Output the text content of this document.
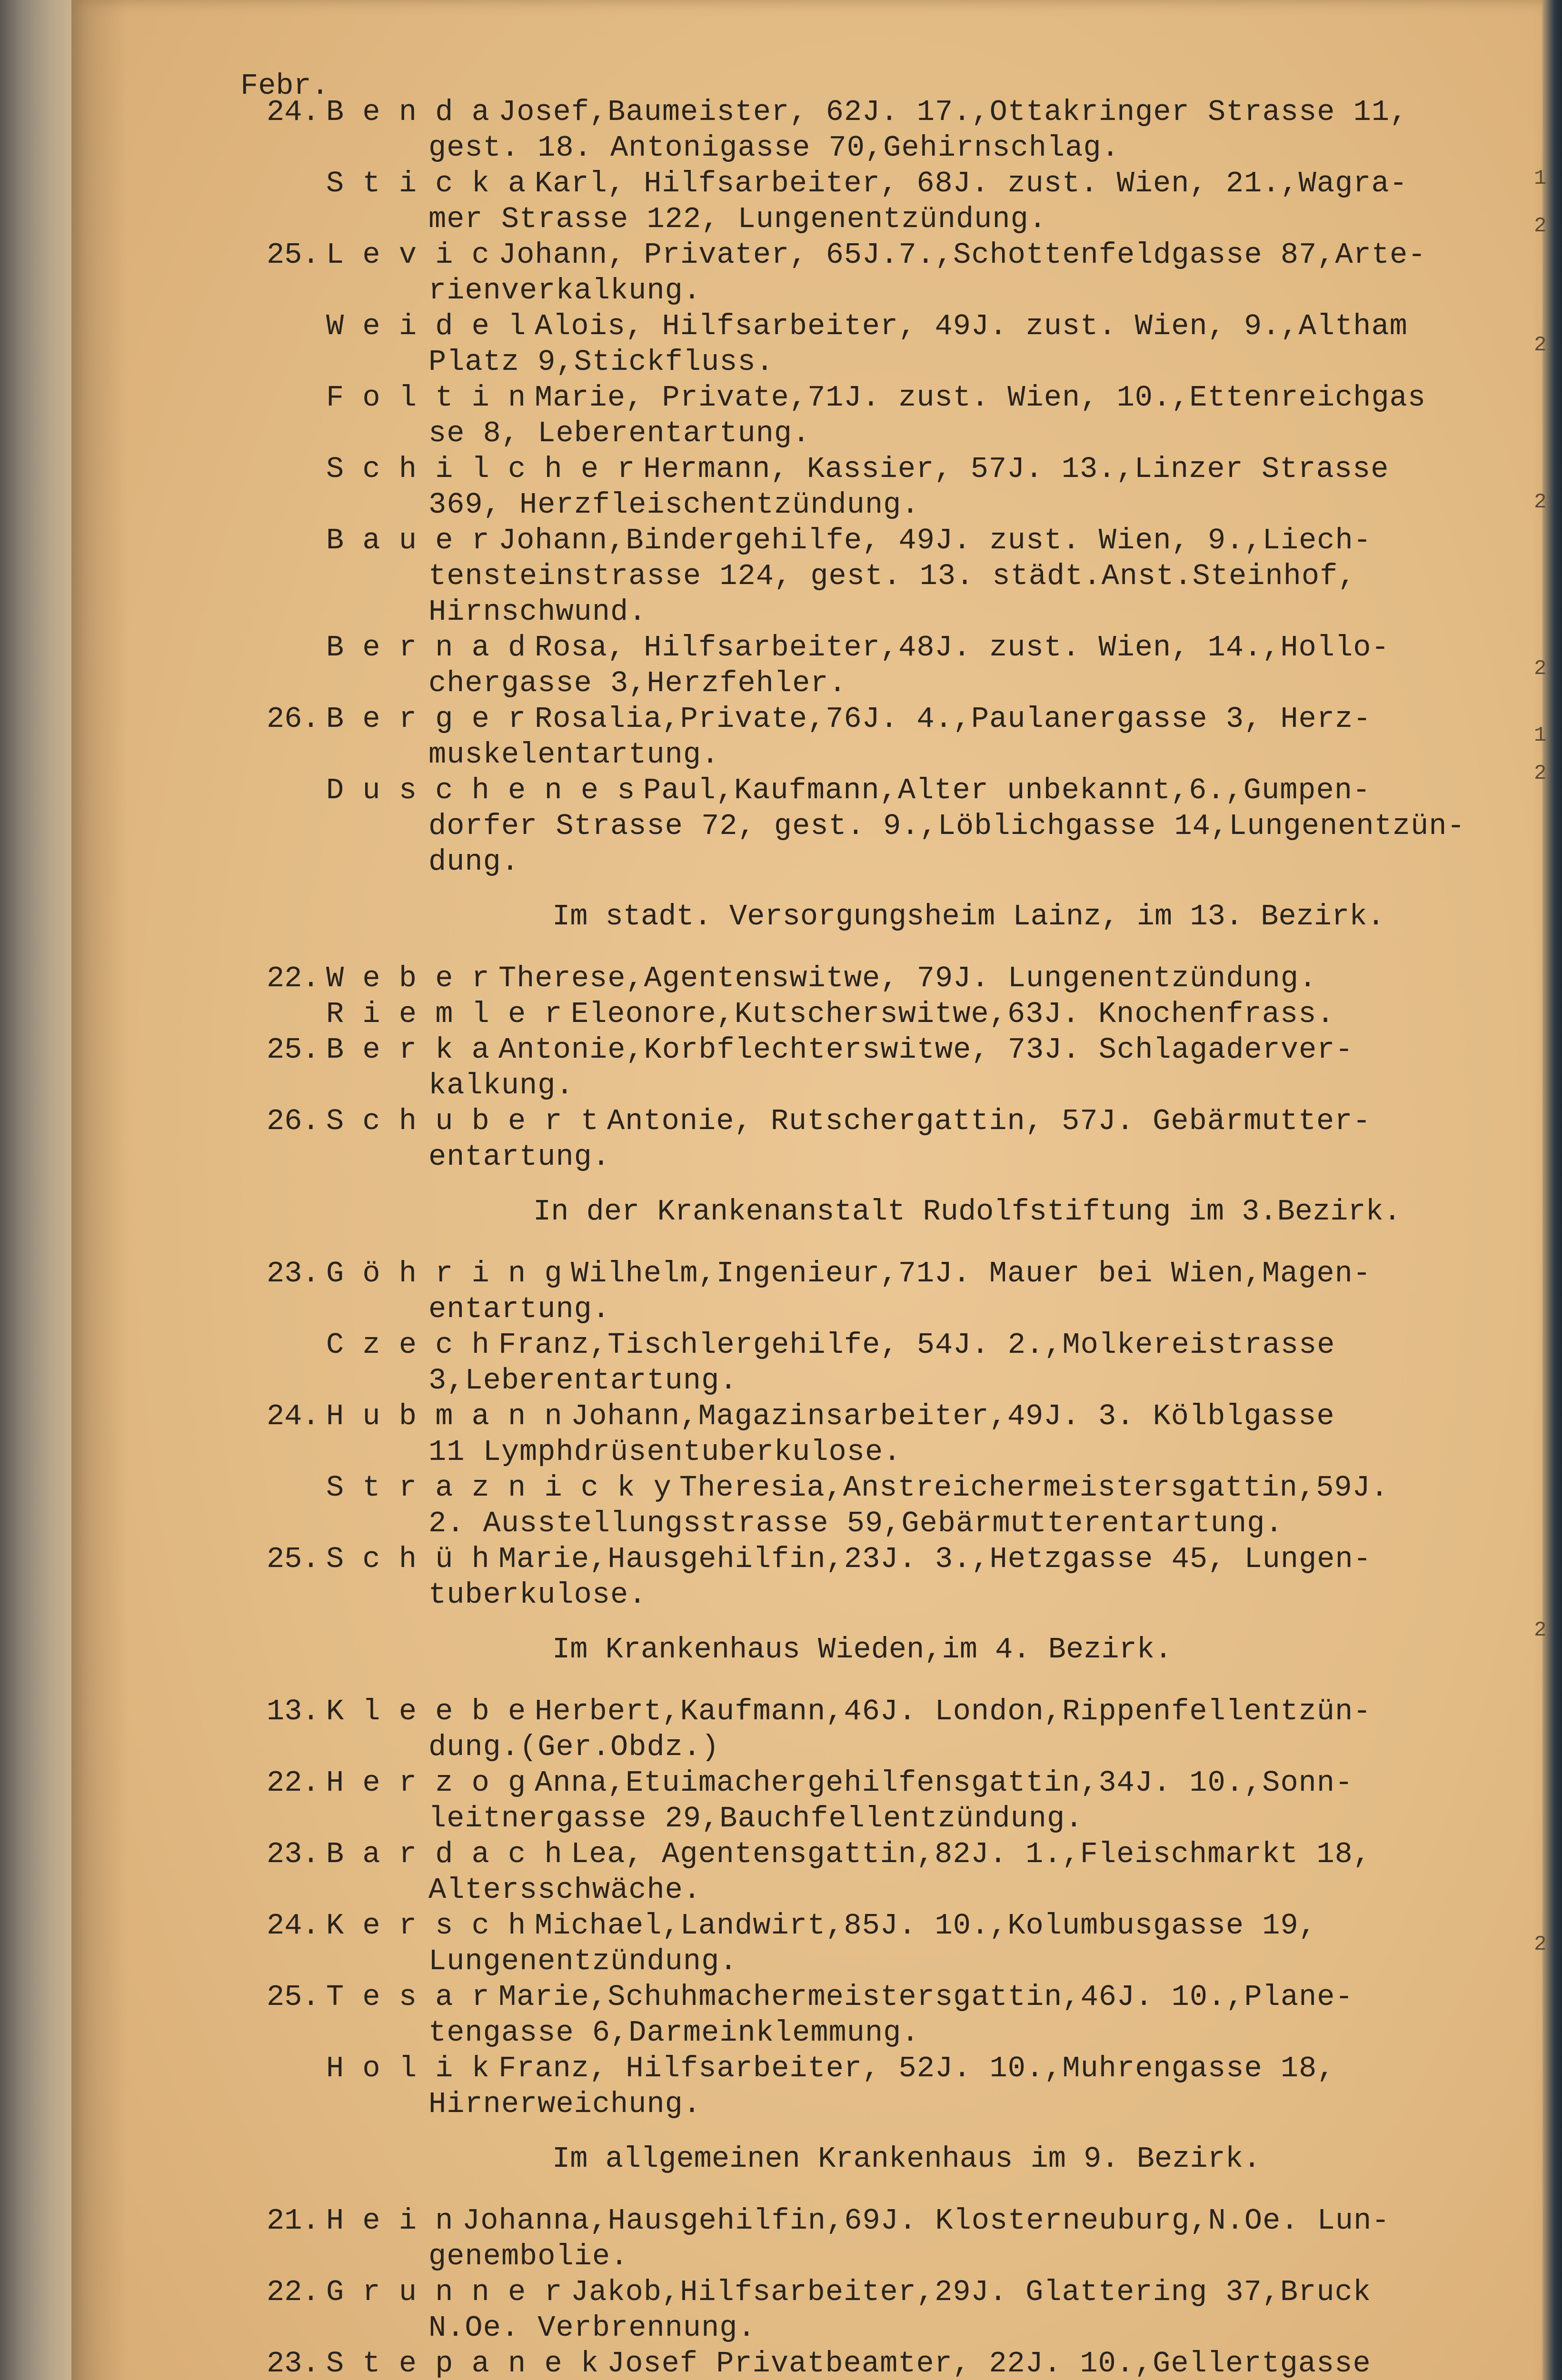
Febr.
24. B e n d a Josef,Baumeister, 62J. 17.,Ottakringer Strasse 11,
gest. 18. Antonigasse 70,Gehirnschlag.
S t i c k a Karl, Hilfsarbeiter, 68J. zust. Wien, 21.,Wagra-
mer Strasse 122, Lungenentzündung.
25. L e v i c Johann, Privater, 65J.7.,Schottenfeldgasse 87,Arte-
rienverkalkung.
W e i d e l Alois, Hilfsarbeiter, 49J. zust. Wien, 9.,Altham
Platz 9,Stickfluss.
F o l t i n Marie, Private,71J. zust. Wien, 10.,Ettenreichgas
se 8, Leberentartung.
S c h i l c h e r Hermann, Kassier, 57J. 13.,Linzer Strasse
369, Herzfleischentzündung.
B a u e r Johann,Bindergehilfe, 49J. zust. Wien, 9.,Liech-
tensteinstrasse 124, gest. 13. städt.Anst.Steinhof,
Hirnschwund.
B e r n a d Rosa, Hilfsarbeiter,48J. zust. Wien, 14.,Hollo-
chergasse 3,Herzfehler.
26. B e r g e r Rosalia,Private,76J. 4.,Paulanergasse 3, Herz-
muskelentartung.
D u s c h e n e s Paul,Kaufmann,Alter unbekannt,6.,Gumpen-
dorfer Strasse 72, gest. 9.,Löblichgasse 14,Lungenentzün-
dung.
Im stadt. Versorgungsheim Lainz, im 13. Bezirk.
22. W e b e r Therese,Agentenswitwe, 79J. Lungenentzündung.
R i e m l e r Eleonore,Kutscherswitwe,63J. Knochenfrass.
25. B e r k a Antonie,Korbflechterswitwe, 73J. Schlagaderver-
kalkung.
26. S c h u b e r t Antonie, Rutschergattin, 57J. Gebärmutter-
entartung.
In der Krankenanstalt Rudolfstiftung im 3.Bezirk.
23. G ö h r i n g Wilhelm,Ingenieur,71J. Mauer bei Wien,Magen-
entartung.
C z e c h Franz,Tischlergehilfe, 54J. 2.,Molkereistrasse
3,Leberentartung.
24. H u b m a n n Johann,Magazinsarbeiter,49J. 3. Kölblgasse
11 Lymphdrüsentuberkulose.
S t r a z n i c k y Theresia,Anstreichermeistersgattin,59J.
2. Ausstellungsstrasse 59,Gebärmutterentartung.
25. S c h ü h Marie,Hausgehilfin,23J. 3.,Hetzgasse 45, Lungen-
tuberkulose.
Im Krankenhaus Wieden,im 4. Bezirk.
13. K l e e b e Herbert,Kaufmann,46J. London,Rippenfellentzün-
dung.(Ger.Obdz.)
22. H e r z o g Anna,Etuimachergehilfensgattin,34J. 10.,Sonn-
leitnergasse 29,Bauchfellentzündung.
23. B a r d a c h Lea, Agentensgattin,82J. 1.,Fleischmarkt 18,
Altersschwäche.
24. K e r s c h Michael,Landwirt,85J. 10.,Kolumbusgasse 19,
Lungenentzündung.
25. T e s a r Marie,Schuhmachermeistersgattin,46J. 10.,Plane-
tengasse 6,Darmeinklemmung.
H o l i k Franz, Hilfsarbeiter, 52J. 10.,Muhrengasse 18,
Hirnerweichung.
Im allgemeinen Krankenhaus im 9. Bezirk.
21. H e i n Johanna,Hausgehilfin,69J. Klosterneuburg,N.Oe. Lun-
genembolie.
22. G r u n n e r Jakob,Hilfsarbeiter,29J. Glattering 37,Bruck
N.Oe. Verbrennung.
23. S t e p a n e k Josef Privatbeamter, 22J. 10.,Gellertgasse
1
2
2
2
2
1
2
2
2
